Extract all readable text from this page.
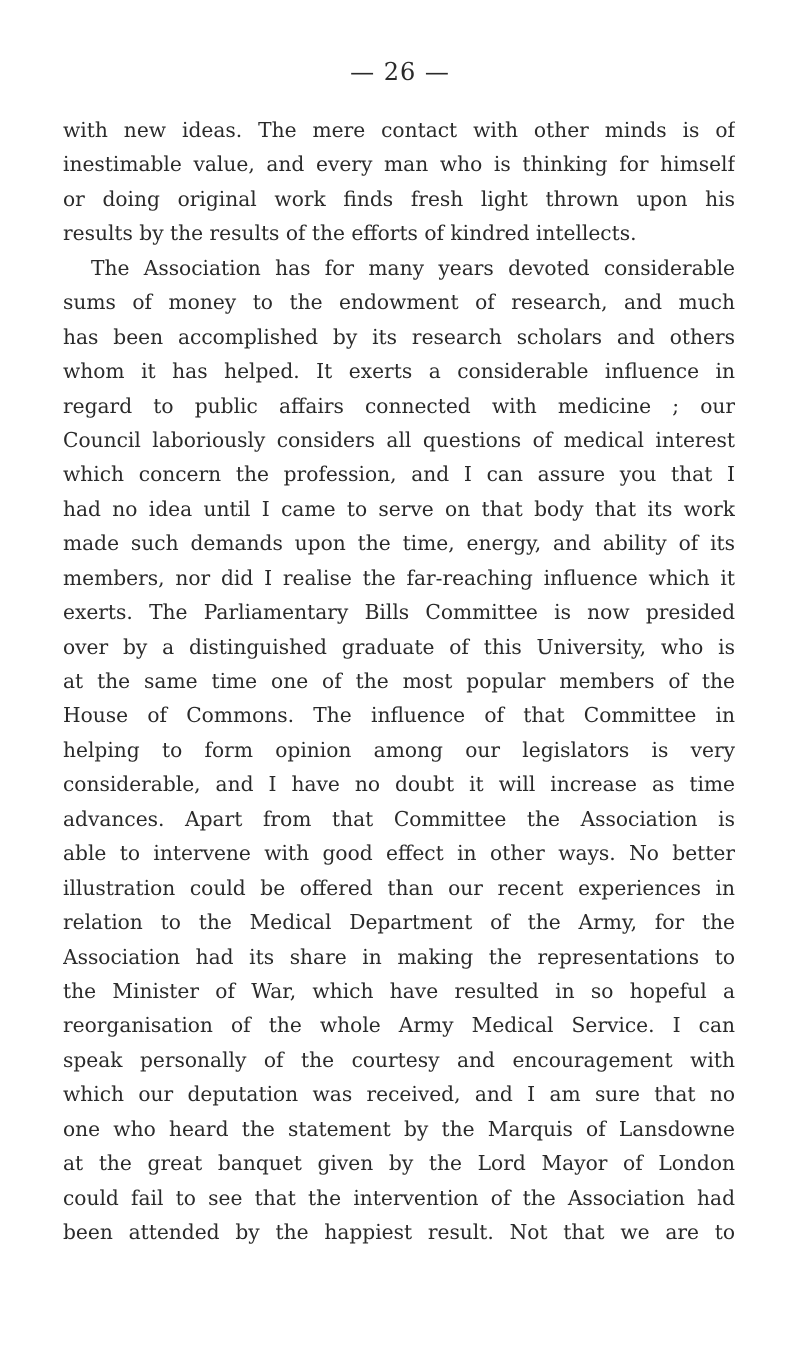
— 26 —
with new ideas. The mere contact with other minds is of
inestimable value, and every man who is thinking for himself
or doing original work finds fresh light thrown upon his
results by the results of the efforts of kindred intellects.
The Association has for many years devoted considerable
sums of money to the endowment of research, and much
has been accomplished by its research scholars and others
whom it has helped. It exerts a considerable influence in
regard to public affairs connected with medicine ; our
Council laboriously considers all questions of medical interest
which concern the profession, and I can assure you that I
had no idea until I came to serve on that body that its work
made such demands upon the time, energy, and ability of its
members, nor did I realise the far-reaching influence which it
exerts. The Parliamentary Bills Committee is now presided
over by a distinguished graduate of this University, who is
at the same time one of the most popular members of the
House of Commons. The influence of that Committee in
helping to form opinion among our legislators is very
considerable, and I have no doubt it will increase as time
advances. Apart from that Committee the Association is
able to intervene with good effect in other ways. No better
illustration could be offered than our recent experiences in
relation to the Medical Department of the Army, for the
Association had its share in making the representations to
the Minister of War, which have resulted in so hopeful a
reorganisation of the whole Army Medical Service. I can
speak personally of the courtesy and encouragement with
which our deputation was received, and I am sure that no
one who heard the statement by the Marquis of Lansdowne
at the great banquet given by the Lord Mayor of London
could fail to see that the intervention of the Association had
been attended by the happiest result. Not that we are to
